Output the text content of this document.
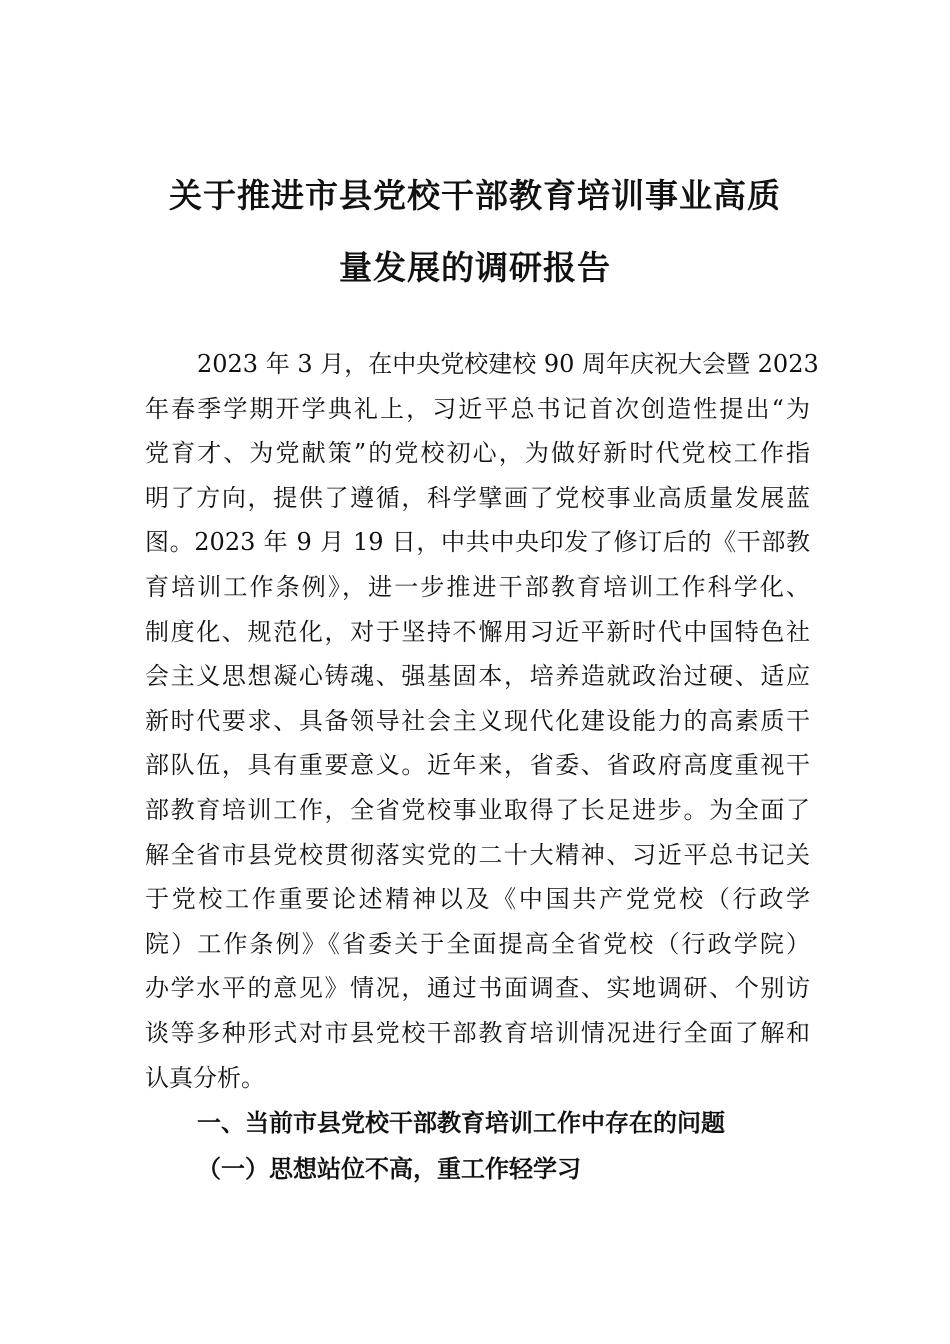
关于推进市县党校干部教育培训事业高质
量发展的调研报告

2023 年 3 月，在中央党校建校 90 周年庆祝大会暨 2023
年春季学期开学典礼上，习近平总书记首次创造性提出“为
党育才、为党献策”的党校初心，为做好新时代党校工作指
明了方向，提供了遵循，科学擘画了党校事业高质量发展蓝
图。2023 年 9 月 19 日，中共中央印发了修订后的《干部教
育培训工作条例》，进一步推进干部教育培训工作科学化、
制度化、规范化，对于坚持不懈用习近平新时代中国特色社
会主义思想凝心铸魂、强基固本，培养造就政治过硬、适应
新时代要求、具备领导社会主义现代化建设能力的高素质干
部队伍，具有重要意义。近年来，省委、省政府高度重视干
部教育培训工作，全省党校事业取得了长足进步。为全面了
解全省市县党校贯彻落实党的二十大精神、习近平总书记关
于党校工作重要论述精神以及《中国共产党党校（行政学
院）工作条例》《省委关于全面提高全省党校（行政学院）
办学水平的意见》情况，通过书面调查、实地调研、个别访
谈等多种形式对市县党校干部教育培训情况进行全面了解和
认真分析。

一、当前市县党校干部教育培训工作中存在的问题
（一）思想站位不高，重工作轻学习
